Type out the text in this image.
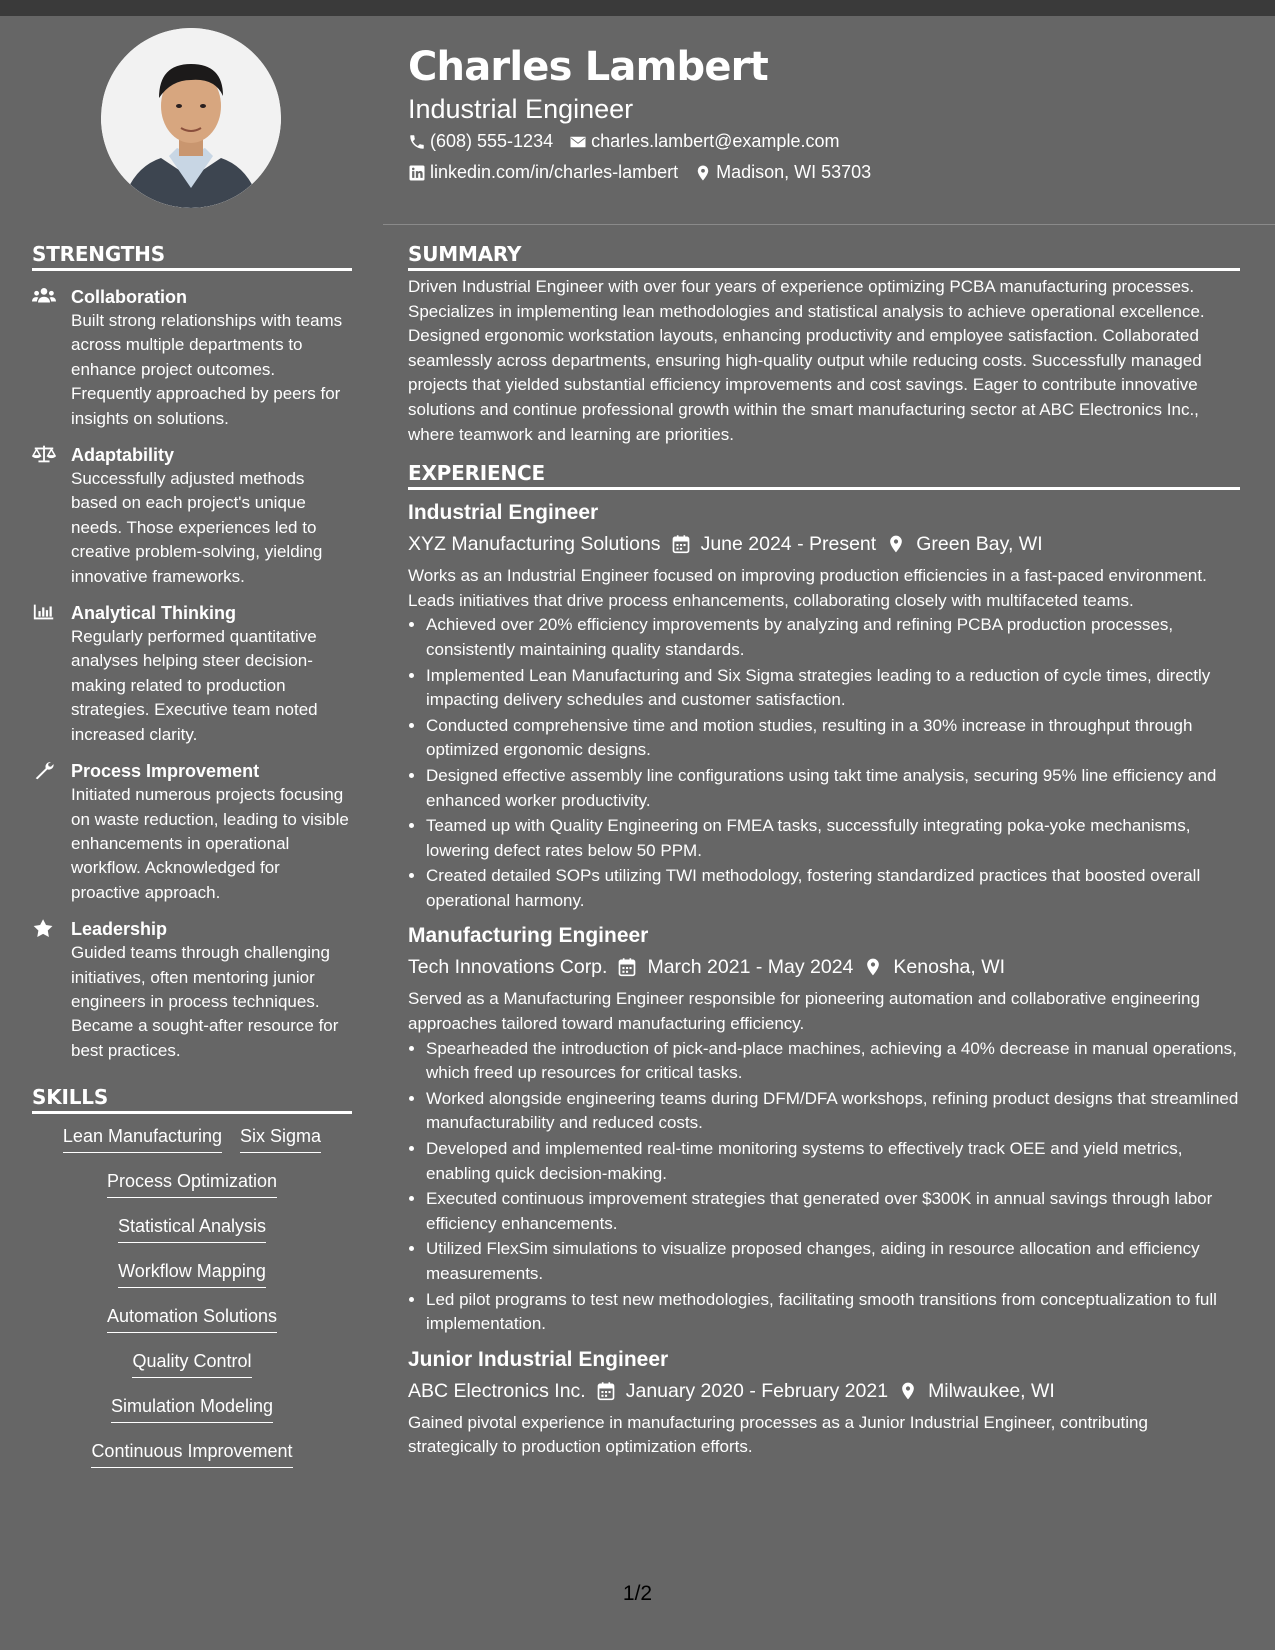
Charles Lambert

Industrial Engineer

(608) 555-1234 charles.lambert@example.com
linkedin.com/in/charles-lambert Madison, WI 53703
STRENGTHS
Collaboration
Built strong relationships with teams across multiple departments to enhance project outcomes. Frequently approached by peers for insights on solutions.
Adaptability
Successfully adjusted methods based on each project's unique needs. Those experiences led to creative problem-solving, yielding innovative frameworks.
Analytical Thinking
Regularly performed quantitative analyses helping steer decision-making related to production strategies. Executive team noted increased clarity.
Process Improvement
Initiated numerous projects focusing on waste reduction, leading to visible enhancements in operational workflow. Acknowledged for proactive approach.
Leadership
Guided teams through challenging initiatives, often mentoring junior engineers in process techniques. Became a sought-after resource for best practices.
SKILLS
Lean Manufacturing Six Sigma
Process Optimization
Statistical Analysis
Workflow Mapping
Automation Solutions
Quality Control
Simulation Modeling
Continuous Improvement
SUMMARY

Driven Industrial Engineer with over four years of experience optimizing PCBA manufacturing processes. Specializes in implementing lean methodologies and statistical analysis to achieve operational excellence. Designed ergonomic workstation layouts, enhancing productivity and employee satisfaction. Collaborated seamlessly across departments, ensuring high-quality output while reducing costs. Successfully managed projects that yielded substantial efficiency improvements and cost savings. Eager to contribute innovative solutions and continue professional growth within the smart manufacturing sector at ABC Electronics Inc., where teamwork and learning are priorities.

EXPERIENCE
Industrial Engineer
XYZ Manufacturing Solutions June 2024 - Present Green Bay, WI

Works as an Industrial Engineer focused on improving production efficiencies in a fast-paced environment. Leads initiatives that drive process enhancements, collaborating closely with multifaceted teams.

• Achieved over 20% efficiency improvements by analyzing and refining PCBA production processes, consistently maintaining quality standards.
• Implemented Lean Manufacturing and Six Sigma strategies leading to a reduction of cycle times, directly impacting delivery schedules and customer satisfaction.
• Conducted comprehensive time and motion studies, resulting in a 30% increase in throughput through optimized ergonomic designs.
• Designed effective assembly line configurations using takt time analysis, securing 95% line efficiency and enhanced worker productivity.
• Teamed up with Quality Engineering on FMEA tasks, successfully integrating poka-yoke mechanisms, lowering defect rates below 50 PPM.
• Created detailed SOPs utilizing TWI methodology, fostering standardized practices that boosted overall operational harmony.
Manufacturing Engineer
Tech Innovations Corp. March 2021 - May 2024 Kenosha, WI

Served as a Manufacturing Engineer responsible for pioneering automation and collaborative engineering approaches tailored toward manufacturing efficiency.

• Spearheaded the introduction of pick-and-place machines, achieving a 40% decrease in manual operations, which freed up resources for critical tasks.
• Worked alongside engineering teams during DFM/DFA workshops, refining product designs that streamlined manufacturability and reduced costs.
• Developed and implemented real-time monitoring systems to effectively track OEE and yield metrics, enabling quick decision-making.
• Executed continuous improvement strategies that generated over $300K in annual savings through labor efficiency enhancements.
• Utilized FlexSim simulations to visualize proposed changes, aiding in resource allocation and efficiency measurements.
• Led pilot programs to test new methodologies, facilitating smooth transitions from conceptualization to full implementation.
Junior Industrial Engineer
ABC Electronics Inc. January 2020 - February 2021 Milwaukee, WI

Gained pivotal experience in manufacturing processes as a Junior Industrial Engineer, contributing strategically to production optimization efforts.

1/2
